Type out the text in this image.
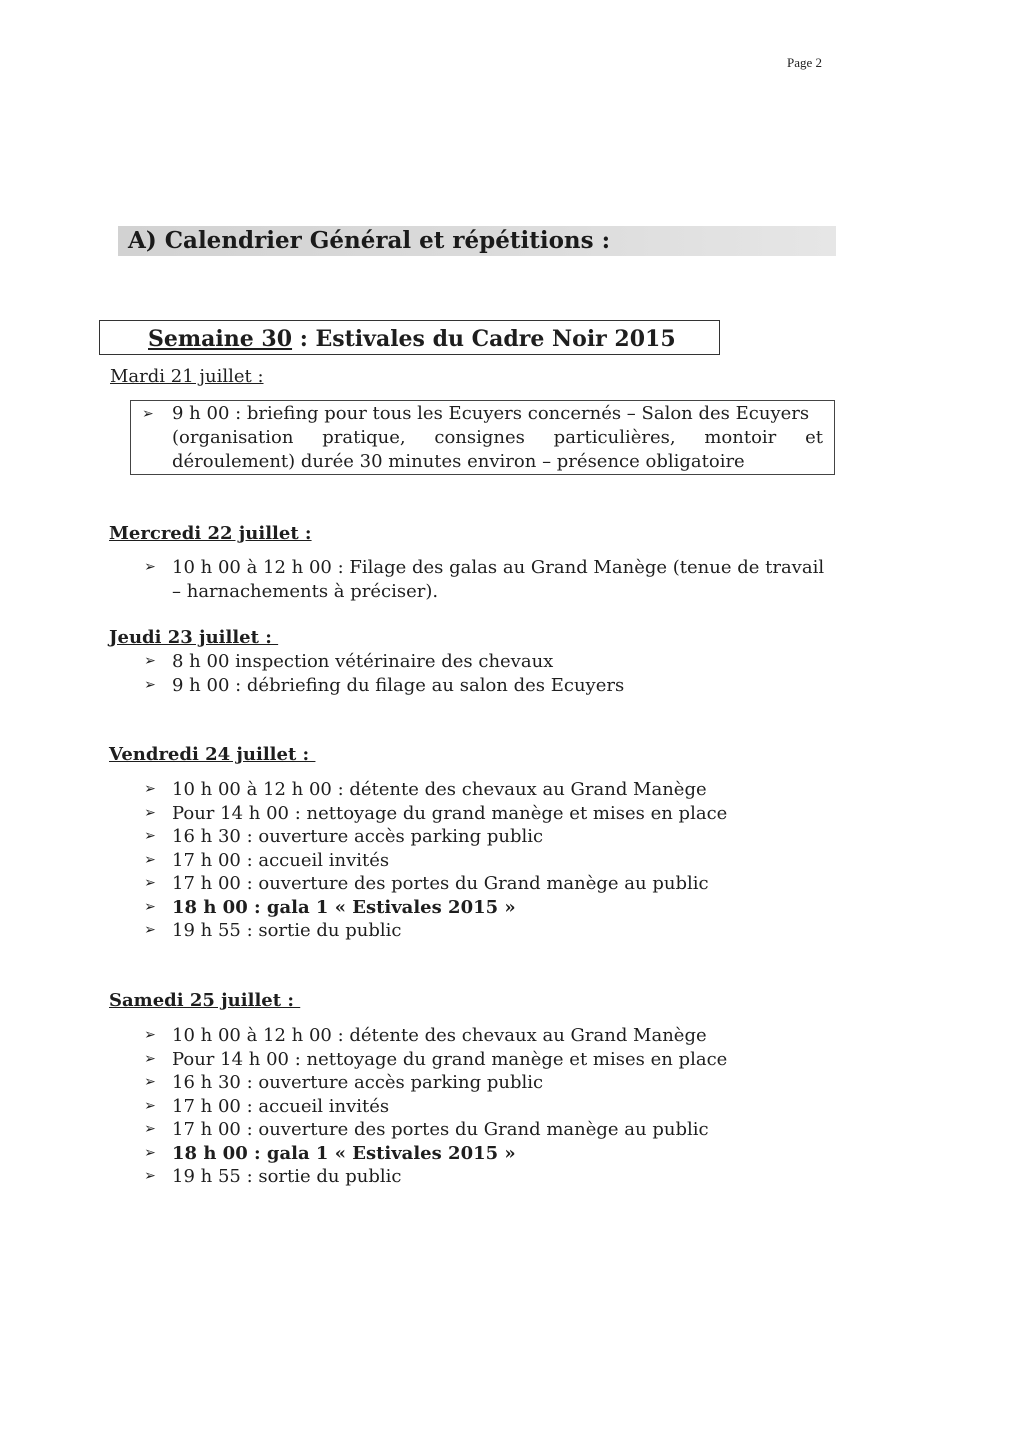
Page 2
A) Calendrier Général et répétitions :
Semaine 30 : Estivales du Cadre Noir 2015
Mardi 21 juillet :
➢ 9 h 00 : briefing pour tous les Ecuyers concernés – Salon des Ecuyers
(organisation pratique, consignes particulières, montoir et
déroulement) durée 30 minutes environ – présence obligatoire
Mercredi 22 juillet :
➢ 10 h 00 à 12 h 00 : Filage des galas au Grand Manège (tenue de travail
– harnachements à préciser).
Jeudi 23 juillet :
➢ 8 h 00 inspection vétérinaire des chevaux
➢ 9 h 00 : débriefing du filage au salon des Ecuyers
Vendredi 24 juillet :
➢ 10 h 00 à 12 h 00 : détente des chevaux au Grand Manège
➢ Pour 14 h 00 : nettoyage du grand manège et mises en place
➢ 16 h 30 : ouverture accès parking public
➢ 17 h 00 : accueil invités
➢ 17 h 00 : ouverture des portes du Grand manège au public
➢ 18 h 00 : gala 1 « Estivales 2015 »
➢ 19 h 55 : sortie du public
Samedi 25 juillet :
➢ 10 h 00 à 12 h 00 : détente des chevaux au Grand Manège
➢ Pour 14 h 00 : nettoyage du grand manège et mises en place
➢ 16 h 30 : ouverture accès parking public
➢ 17 h 00 : accueil invités
➢ 17 h 00 : ouverture des portes du Grand manège au public
➢ 18 h 00 : gala 1 « Estivales 2015 »
➢ 19 h 55 : sortie du public
